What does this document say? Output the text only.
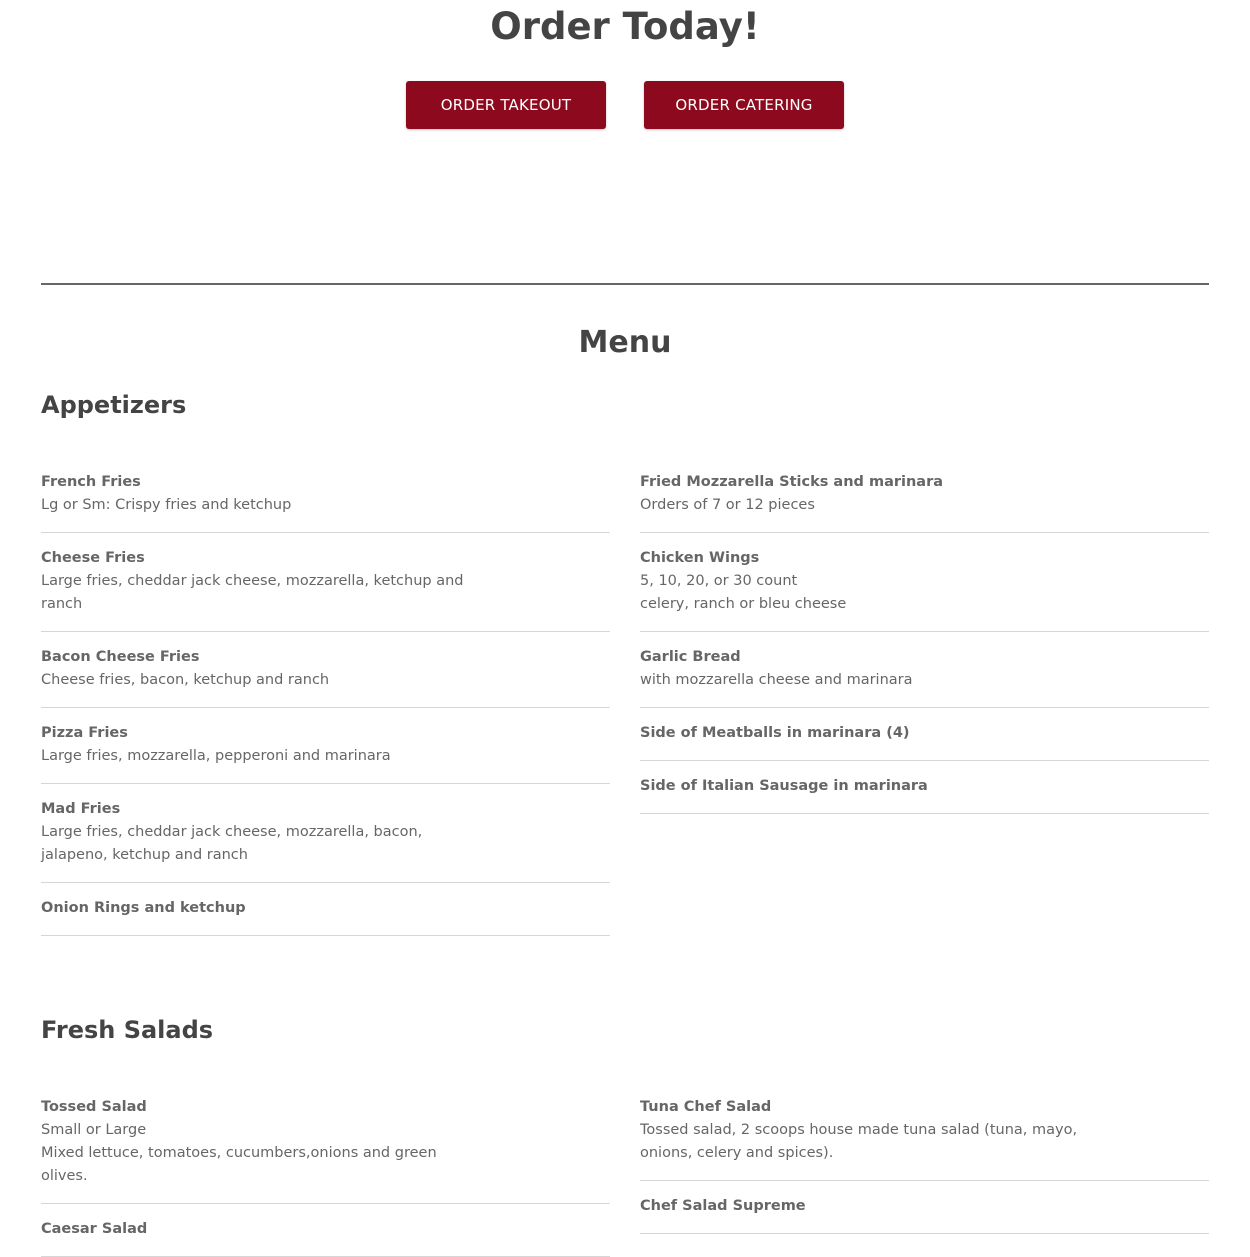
Order Today!
ORDER TAKEOUT	ORDER CATERING
Menu
Appetizers
French Fries
Lg or Sm: Crispy fries and ketchup
Cheese Fries
Large fries, cheddar jack cheese, mozzarella, ketchup and ranch
Bacon Cheese Fries
Cheese fries, bacon, ketchup and ranch
Pizza Fries
Large fries, mozzarella, pepperoni and marinara
Mad Fries
Large fries, cheddar jack cheese, mozzarella, bacon, jalapeno, ketchup and ranch
Onion Rings and ketchup
Fried Mozzarella Sticks and marinara
Orders of 7 or 12 pieces
Chicken Wings
5, 10, 20, or 30 count
celery, ranch or bleu cheese
Garlic Bread
with mozzarella cheese and marinara
Side of Meatballs in marinara (4)
Side of Italian Sausage in marinara
Fresh Salads
Tossed Salad
Small or Large
Mixed lettuce, tomatoes, cucumbers,onions and green olives.
Caesar Salad
Tuna Chef Salad
Tossed salad, 2 scoops house made tuna salad (tuna, mayo, onions, celery and spices).
Chef Salad Supreme
